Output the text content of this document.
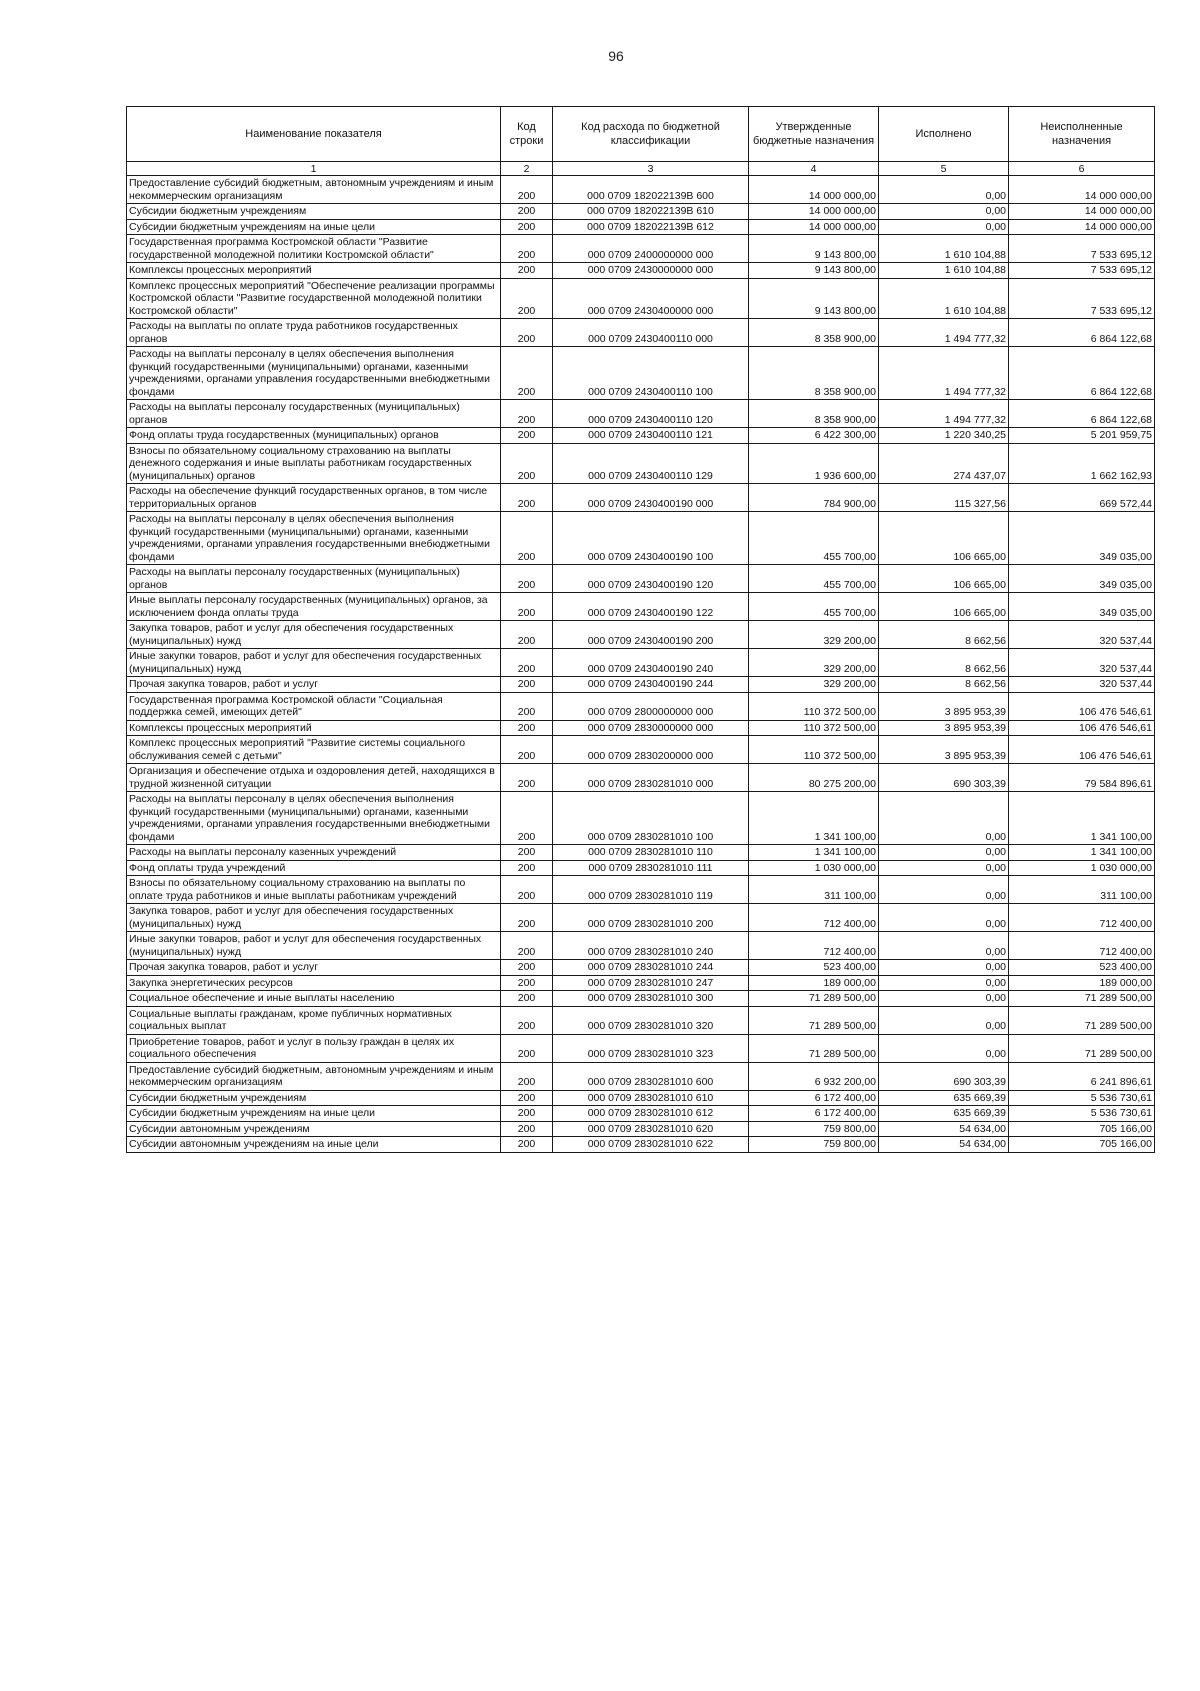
96
Наименование показателя	Код строки	Код расхода по бюджетной классификации	Утвержденные бюджетные назначения	Исполнено	Неисполненные назначения
1	2	3	4	5	6
Предоставление субсидий бюджетным, автономным учреждениям и иным некоммерческим организациям	200	000 0709 182022139В 600	14 000 000,00	0,00	14 000 000,00
Субсидии бюджетным учреждениям	200	000 0709 182022139В 610	14 000 000,00	0,00	14 000 000,00
Субсидии бюджетным учреждениям на иные цели	200	000 0709 182022139В 612	14 000 000,00	0,00	14 000 000,00
Государственная программа Костромской области "Развитие государственной молодежной политики Костромской области"	200	000 0709 2400000000 000	9 143 800,00	1 610 104,88	7 533 695,12
Комплексы процессных мероприятий	200	000 0709 2430000000 000	9 143 800,00	1 610 104,88	7 533 695,12
Комплекс процессных мероприятий "Обеспечение реализации программы Костромской области "Развитие государственной молодежной политики Костромской области"	200	000 0709 2430400000 000	9 143 800,00	1 610 104,88	7 533 695,12
Расходы на выплаты по оплате труда работников государственных органов	200	000 0709 2430400110 000	8 358 900,00	1 494 777,32	6 864 122,68
Расходы на выплаты персоналу в целях обеспечения выполнения функций государственными (муниципальными) органами, казенными учреждениями, органами управления государственными внебюджетными фондами	200	000 0709 2430400110 100	8 358 900,00	1 494 777,32	6 864 122,68
Расходы на выплаты персоналу государственных (муниципальных) органов	200	000 0709 2430400110 120	8 358 900,00	1 494 777,32	6 864 122,68
Фонд оплаты труда государственных (муниципальных) органов	200	000 0709 2430400110 121	6 422 300,00	1 220 340,25	5 201 959,75
Взносы по обязательному социальному страхованию на выплаты денежного содержания и иные выплаты работникам государственных (муниципальных) органов	200	000 0709 2430400110 129	1 936 600,00	274 437,07	1 662 162,93
Расходы на обеспечение функций государственных органов, в том числе территориальных органов	200	000 0709 2430400190 000	784 900,00	115 327,56	669 572,44
Расходы на выплаты персоналу в целях обеспечения выполнения функций государственными (муниципальными) органами, казенными учреждениями, органами управления государственными внебюджетными фондами	200	000 0709 2430400190 100	455 700,00	106 665,00	349 035,00
Расходы на выплаты персоналу государственных (муниципальных) органов	200	000 0709 2430400190 120	455 700,00	106 665,00	349 035,00
Иные выплаты персоналу государственных (муниципальных) органов, за исключением фонда оплаты труда	200	000 0709 2430400190 122	455 700,00	106 665,00	349 035,00
Закупка товаров, работ и услуг для обеспечения государственных (муниципальных) нужд	200	000 0709 2430400190 200	329 200,00	8 662,56	320 537,44
Иные закупки товаров, работ и услуг для обеспечения государственных (муниципальных) нужд	200	000 0709 2430400190 240	329 200,00	8 662,56	320 537,44
Прочая закупка товаров, работ и услуг	200	000 0709 2430400190 244	329 200,00	8 662,56	320 537,44
Государственная программа Костромской области "Социальная поддержка семей, имеющих детей"	200	000 0709 2800000000 000	110 372 500,00	3 895 953,39	106 476 546,61
Комплексы процессных мероприятий	200	000 0709 2830000000 000	110 372 500,00	3 895 953,39	106 476 546,61
Комплекс процессных мероприятий "Развитие системы социального обслуживания семей с детьми"	200	000 0709 2830200000 000	110 372 500,00	3 895 953,39	106 476 546,61
Организация и обеспечение отдыха и оздоровления детей, находящихся в трудной жизненной ситуации	200	000 0709 2830281010 000	80 275 200,00	690 303,39	79 584 896,61
Расходы на выплаты персоналу в целях обеспечения выполнения функций государственными (муниципальными) органами, казенными учреждениями, органами управления государственными внебюджетными фондами	200	000 0709 2830281010 100	1 341 100,00	0,00	1 341 100,00
Расходы на выплаты персоналу казенных учреждений	200	000 0709 2830281010 110	1 341 100,00	0,00	1 341 100,00
Фонд оплаты труда учреждений	200	000 0709 2830281010 111	1 030 000,00	0,00	1 030 000,00
Взносы по обязательному социальному страхованию на выплаты по оплате труда работников и иные выплаты работникам учреждений	200	000 0709 2830281010 119	311 100,00	0,00	311 100,00
Закупка товаров, работ и услуг для обеспечения государственных (муниципальных) нужд	200	000 0709 2830281010 200	712 400,00	0,00	712 400,00
Иные закупки товаров, работ и услуг для обеспечения государственных (муниципальных) нужд	200	000 0709 2830281010 240	712 400,00	0,00	712 400,00
Прочая закупка товаров, работ и услуг	200	000 0709 2830281010 244	523 400,00	0,00	523 400,00
Закупка энергетических ресурсов	200	000 0709 2830281010 247	189 000,00	0,00	189 000,00
Социальное обеспечение и иные выплаты населению	200	000 0709 2830281010 300	71 289 500,00	0,00	71 289 500,00
Социальные выплаты гражданам, кроме публичных нормативных социальных выплат	200	000 0709 2830281010 320	71 289 500,00	0,00	71 289 500,00
Приобретение товаров, работ и услуг в пользу граждан в целях их социального обеспечения	200	000 0709 2830281010 323	71 289 500,00	0,00	71 289 500,00
Предоставление субсидий бюджетным, автономным учреждениям и иным некоммерческим организациям	200	000 0709 2830281010 600	6 932 200,00	690 303,39	6 241 896,61
Субсидии бюджетным учреждениям	200	000 0709 2830281010 610	6 172 400,00	635 669,39	5 536 730,61
Субсидии бюджетным учреждениям на иные цели	200	000 0709 2830281010 612	6 172 400,00	635 669,39	5 536 730,61
Субсидии автономным учреждениям	200	000 0709 2830281010 620	759 800,00	54 634,00	705 166,00
Субсидии автономным учреждениям на иные цели	200	000 0709 2830281010 622	759 800,00	54 634,00	705 166,00
